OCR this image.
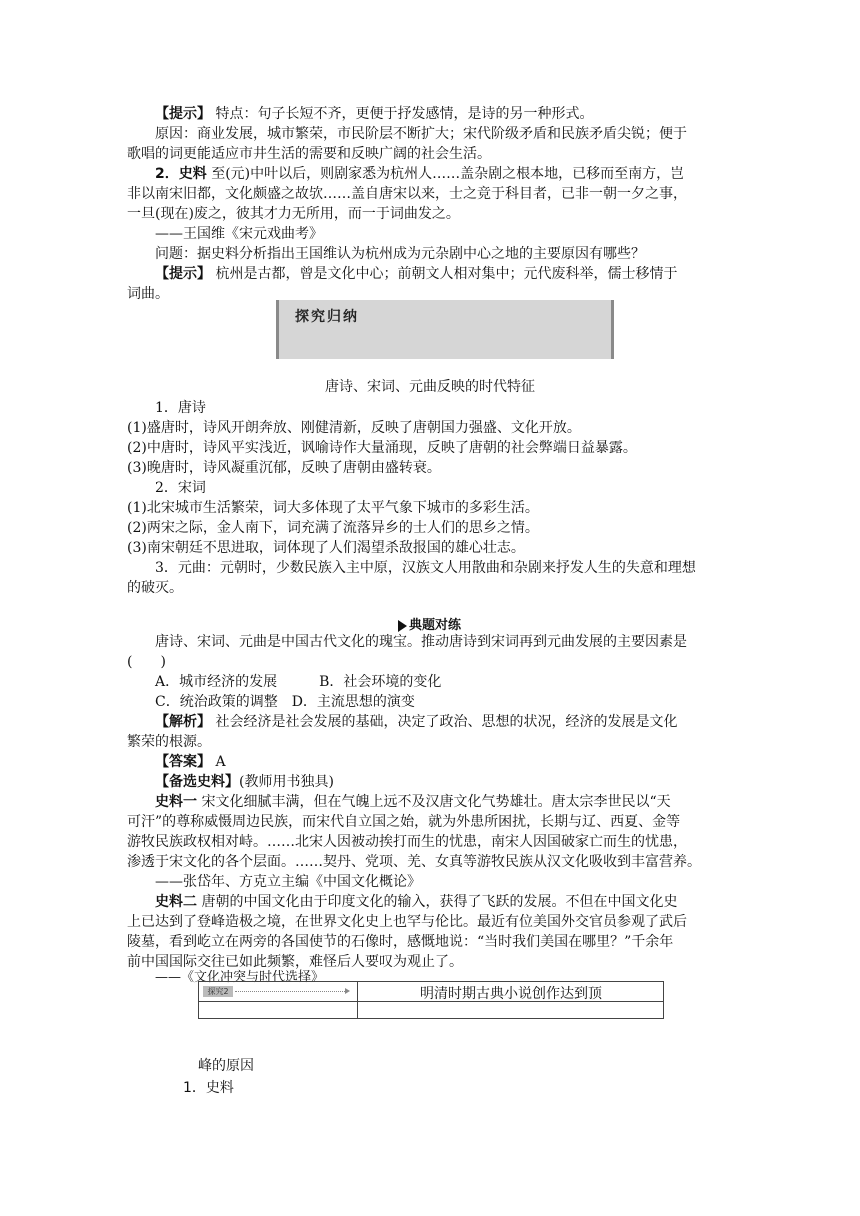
【提示】 特点：句子长短不齐，更便于抒发感情，是诗的另一种形式。
原因：商业发展，城市繁荣，市民阶层不断扩大；宋代阶级矛盾和民族矛盾尖锐；便于
歌唱的词更能适应市井生活的需要和反映广阔的社会生活。
2．史料 至(元)中叶以后，则剧家悉为杭州人……盖杂剧之根本地，已移而至南方，岂
非以南宋旧都，文化颇盛之故欤……盖自唐宋以来，士之竞于科目者，已非一朝一夕之事，
一旦(现在)废之，彼其才力无所用，而一于词曲发之。
——王国维《宋元戏曲考》
问题：据史料分析指出王国维认为杭州成为元杂剧中心之地的主要原因有哪些？
【提示】 杭州是古都，曾是文化中心；前朝文人相对集中；元代废科举，儒士移情于
词曲。
探究归纳
唐诗、宋词、元曲反映的时代特征
1．唐诗
(1)盛唐时，诗风开朗奔放、刚健清新，反映了唐朝国力强盛、文化开放。
(2)中唐时，诗风平实浅近，讽喻诗作大量涌现，反映了唐朝的社会弊端日益暴露。
(3)晚唐时，诗风凝重沉郁，反映了唐朝由盛转衰。
2．宋词
(1)北宋城市生活繁荣，词大多体现了太平气象下城市的多彩生活。
(2)两宋之际，金人南下，词充满了流落异乡的士人们的思乡之情。
(3)南宋朝廷不思进取，词体现了人们渴望杀敌报国的雄心壮志。
3．元曲：元朝时，少数民族入主中原，汉族文人用散曲和杂剧来抒发人生的失意和理想
的破灭。
典题对练
唐诗、宋词、元曲是中国古代文化的瑰宝。推动唐诗到宋词再到元曲发展的主要因素是
(　　)
A．城市经济的发展　　　B．社会环境的变化
C．统治政策的调整　D．主流思想的演变
【解析】 社会经济是社会发展的基础，决定了政治、思想的状况，经济的发展是文化
繁荣的根源。
【答案】 A
【备选史料】(教师用书独具)
史料一 宋文化细腻丰满，但在气魄上远不及汉唐文化气势雄壮。唐太宗李世民以“天
可汗”的尊称威慑周边民族，而宋代自立国之始，就为外患所困扰，长期与辽、西夏、金等
游牧民族政权相对峙。……北宋人因被动挨打而生的忧患，南宋人因国破家亡而生的忧患，
渗透于宋文化的各个层面。……契丹、党项、羌、女真等游牧民族从汉文化吸收到丰富营养。
——张岱年、方克立主编《中国文化概论》
史料二 唐朝的中国文化由于印度文化的输入，获得了飞跃的发展。不但在中国文化史
上已达到了登峰造极之境，在世界文化史上也罕与伦比。最近有位美国外交官员参观了武后
陵墓，看到屹立在两旁的各国使节的石像时，感慨地说：“当时我们美国在哪里？”千余年
前中国国际交往已如此频繁，难怪后人要叹为观止了。
——《文化冲突与时代选择》
探究2	明清时期古典小说创作达到顶
峰的原因
1．史料
